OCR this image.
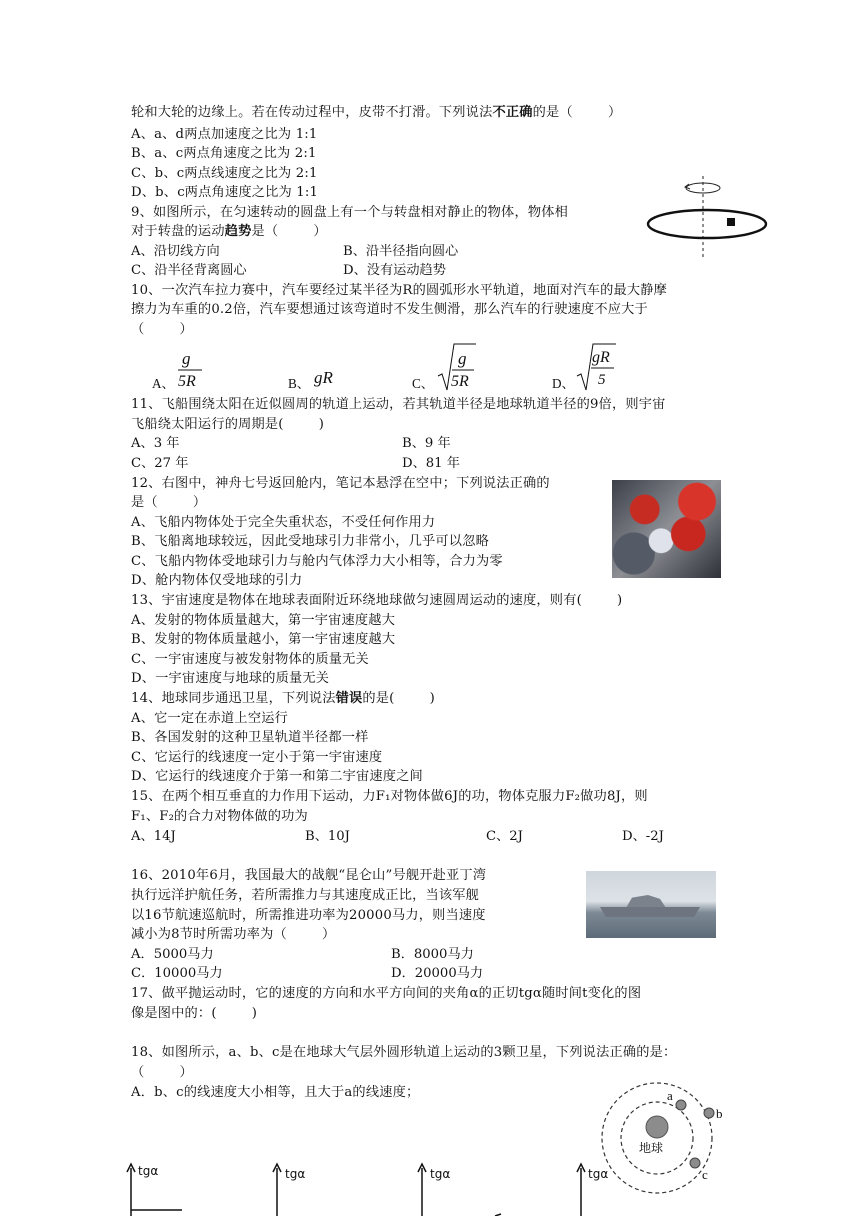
轮和大轮的边缘上。若在传动过程中，皮带不打滑。下列说法不正确的是（        ）
A、a、d两点加速度之比为 1:1
B、a、c两点角速度之比为 2:1
C、b、c两点线速度之比为 2:1
D、b、c两点角速度之比为 1:1
9、如图所示，在匀速转动的圆盘上有一个与转盘相对静止的物体，物体相
对于转盘的运动趋势是（        ）
A、沿切线方向	B、沿半径指向圆心
C、沿半径背离圆心	D、没有运动趋势
10、一次汽车拉力赛中，汽车要经过某半径为R的圆弧形水平轨道，地面对汽车的最大静摩
擦力为车重的0.2倍，汽车要想通过该弯道时不发生侧滑，那么汽车的行驶速度不应大于
（        ）
A、
g
5R	B、 gR	C、
g
5R	D、
gR
5
11、飞船围绕太阳在近似圆周的轨道上运动，若其轨道半径是地球轨道半径的9倍，则宇宙
飞船绕太阳运行的周期是(        )
A、3 年	B、9 年
C、27 年	D、81 年
12、右图中，神舟七号返回舱内，笔记本悬浮在空中；下列说法正确的
是（        ）
A、飞船内物体处于完全失重状态，不受任何作用力
B、飞船离地球较远，因此受地球引力非常小，几乎可以忽略
C、飞船内物体受地球引力与舱内气体浮力大小相等，合力为零
D、舱内物体仅受地球的引力
13、宇宙速度是物体在地球表面附近环绕地球做匀速圆周运动的速度，则有(        )
A、发射的物体质量越大，第一宇宙速度越大
B、发射的物体质量越小，第一宇宙速度越大
C、一宇宙速度与被发射物体的质量无关
D、一宇宙速度与地球的质量无关
14、地球同步通迅卫星，下列说法错误的是(        )
A、它一定在赤道上空运行
B、各国发射的这种卫星轨道半径都一样
C、它运行的线速度一定小于第一宇宙速度
D、它运行的线速度介于第一和第二宇宙速度之间
15、在两个相互垂直的力作用下运动，力F₁对物体做6J的功，物体克服力F₂做功8J，则
F₁、F₂的合力对物体做的功为
A、14J	B、10J	C、2J	D、-2J
16、2010年6月，我国最大的战舰“昆仑山”号舰开赴亚丁湾
执行远洋护航任务，若所需推力与其速度成正比，当该军舰
以16节航速巡航时，所需推进功率为20000马力，则当速度
减小为8节时所需功率为（        ）
A．5000马力	B．8000马力
C．10000马力	D．20000马力
17、做平抛运动时，它的速度的方向和水平方向间的夹角α的正切tgα随时间t变化的图
像是图中的：(        )
18、如图所示，a、b、c是在地球大气层外圆形轨道上运动的3颗卫星，下列说法正确的是：
（        ）
A．b、c的线速度大小相等，且大于a的线速度；
地球
a
b
c
tgα	tgα	tgα	tgα
